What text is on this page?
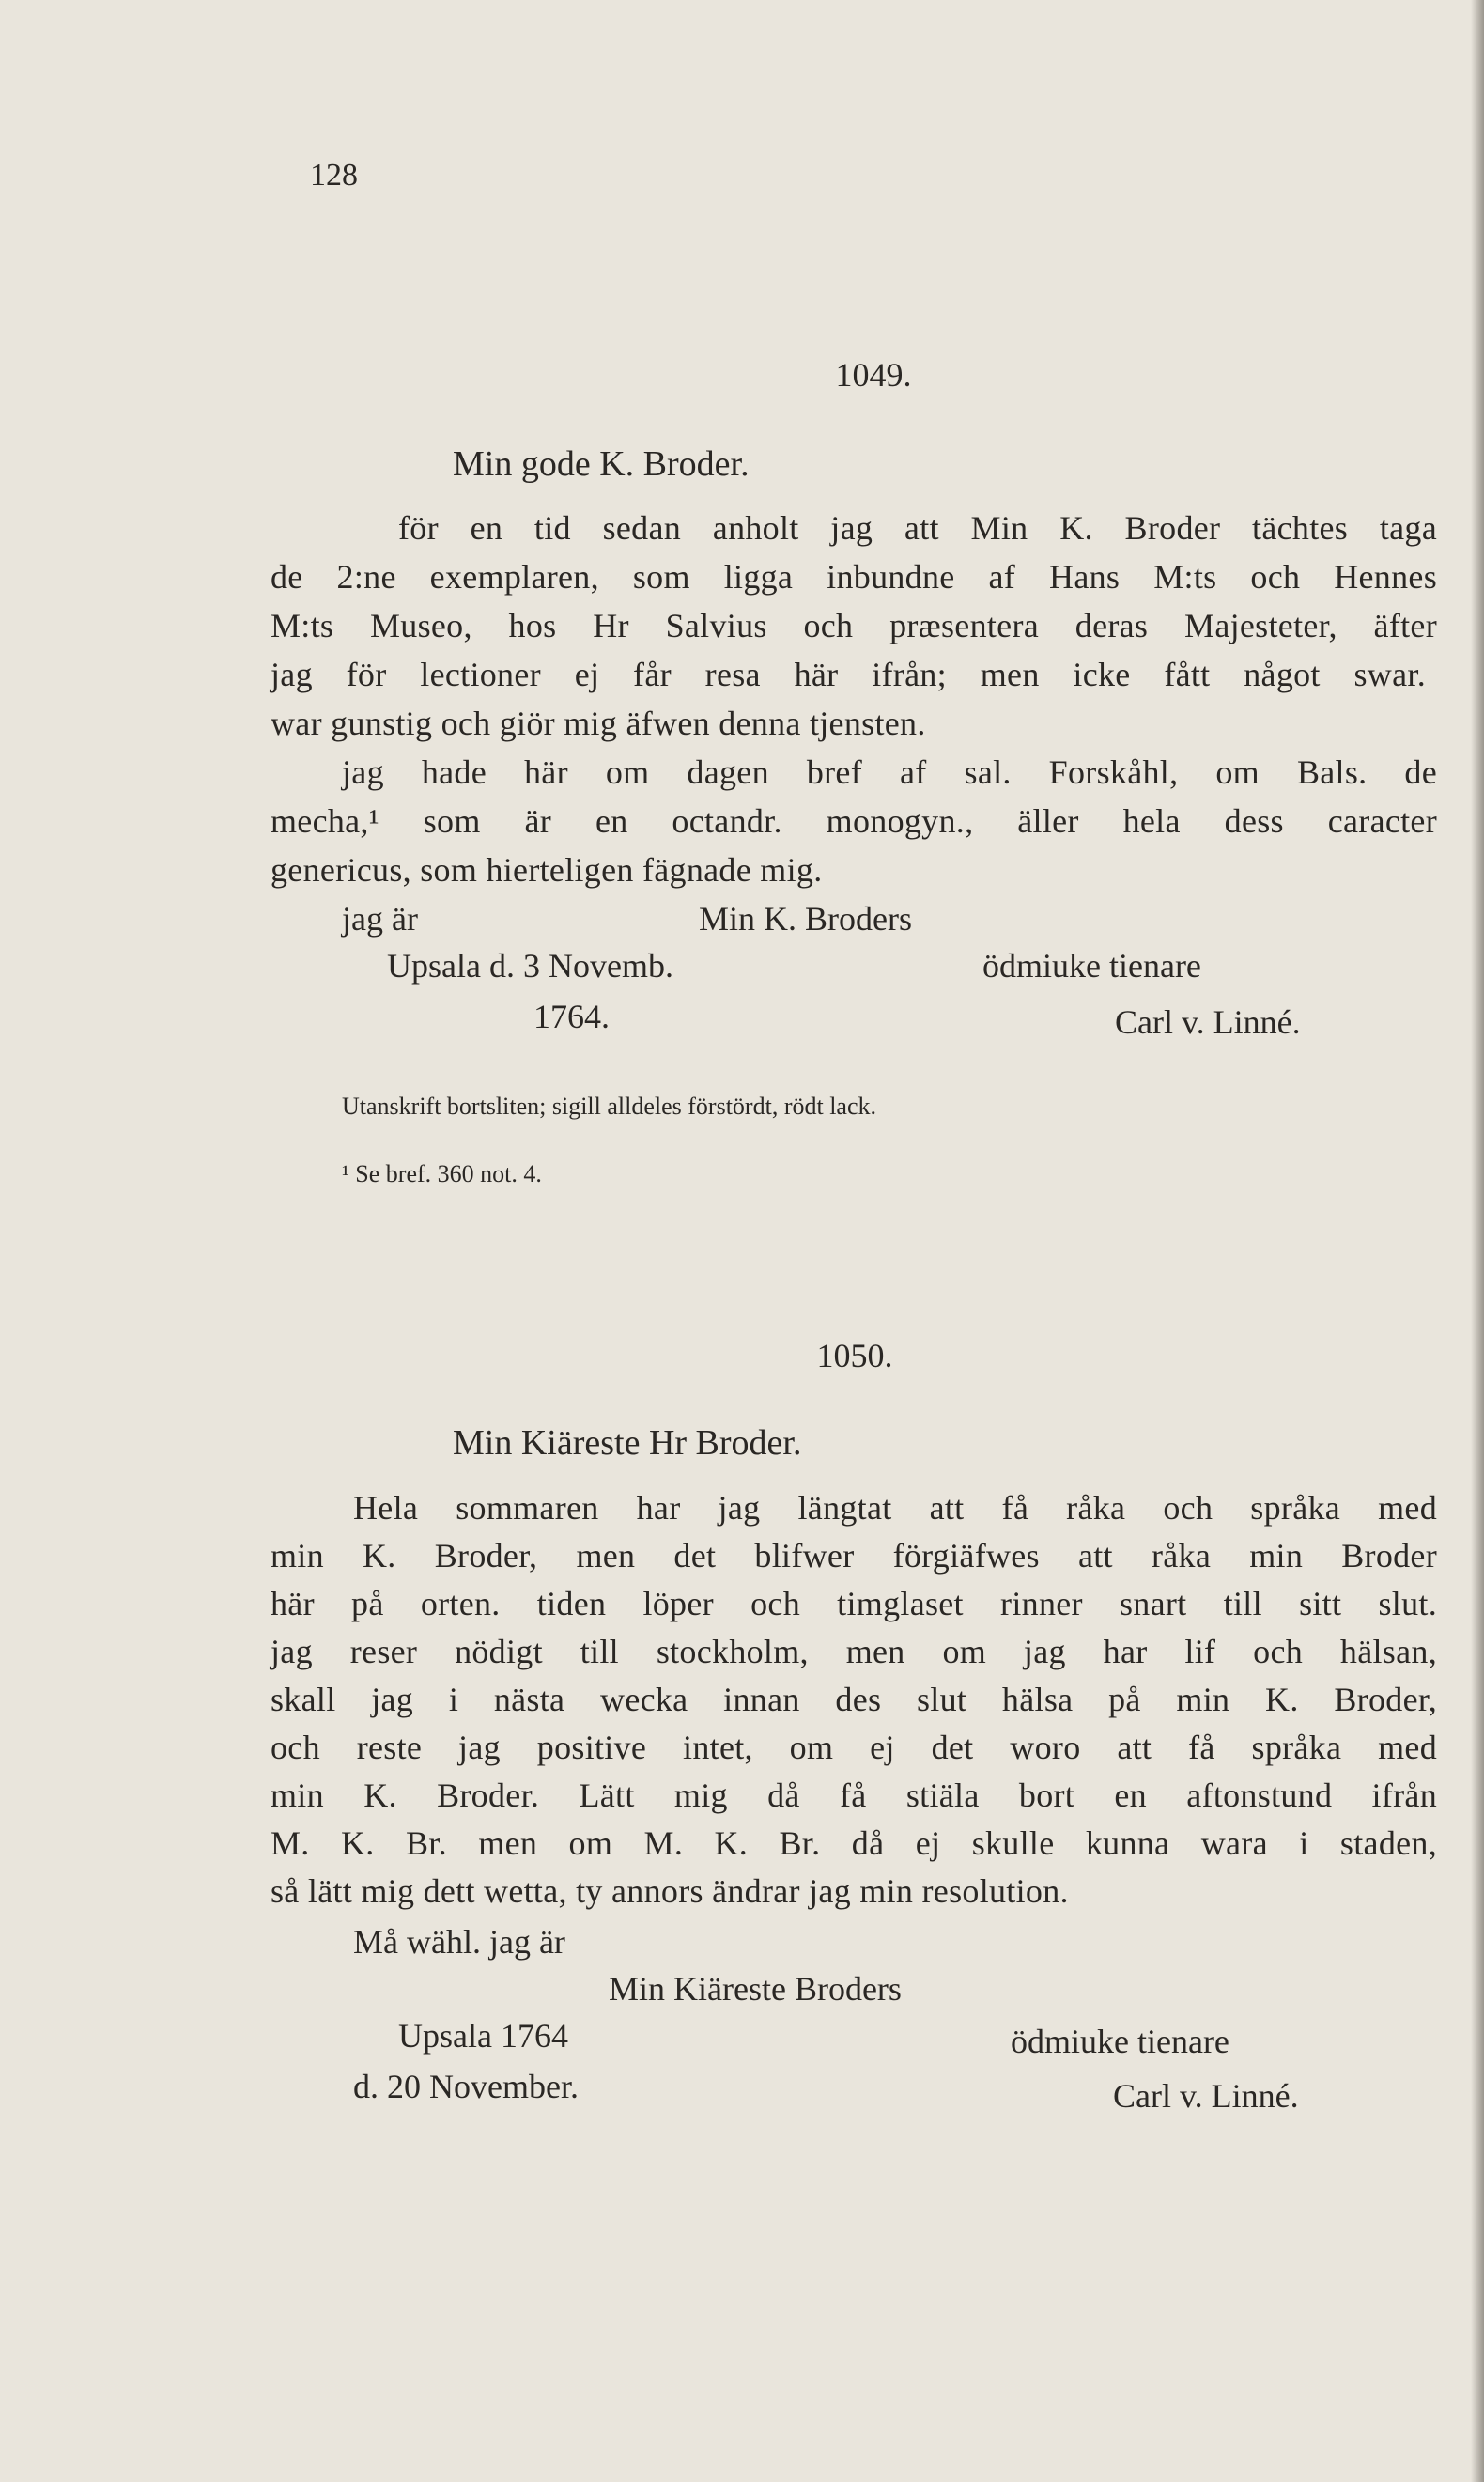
128
1049.
Min gode K. Broder.
för en tid sedan anholt jag att Min K. Broder tächtes taga
de 2:ne exemplaren, som ligga inbundne af Hans M:ts och Hennes
M:ts Museo, hos Hr Salvius och præsentera deras Majesteter, äfter
jag för lectioner ej får resa här ifrån; men icke fått något swar.
war gunstig och giör mig äfwen denna tjensten.
jag hade här om dagen bref af sal. Forskåhl, om Bals. de
mecha,¹ som är en octandr. monogyn., äller hela dess caracter
genericus, som hierteligen fägnade mig.
jag är	Min K. Broders
Upsala d. 3 Novemb.	ödmiuke tienare
1764.	Carl v. Linné.
Utanskrift bortsliten; sigill alldeles förstördt, rödt lack.
¹ Se bref. 360 not. 4.
1050.
Min Kiäreste Hr Broder.
Hela sommaren har jag längtat att få råka och språka med
min K. Broder, men det blifwer förgiäfwes att råka min Broder
här på orten. tiden löper och timglaset rinner snart till sitt slut.
jag reser nödigt till stockholm, men om jag har lif och hälsan,
skall jag i nästa wecka innan des slut hälsa på min K. Broder,
och reste jag positive intet, om ej det woro att få språka med
min K. Broder. Lätt mig då få stiäla bort en aftonstund ifrån
M. K. Br. men om M. K. Br. då ej skulle kunna wara i staden,
så lätt mig dett wetta, ty annors ändrar jag min resolution.
Må wähl. jag är
Min Kiäreste Broders
Upsala 1764	ödmiuke tienare
d. 20 November.	Carl v. Linné.
